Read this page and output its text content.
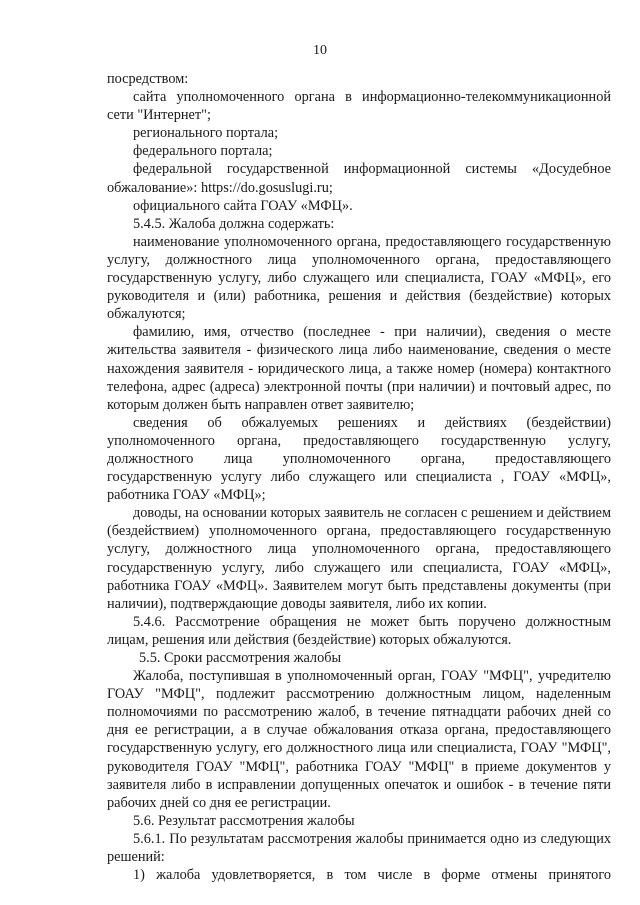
10

посредством:

сайта уполномоченного органа в информационно-телекоммуникационной сети "Интернет";

регионального портала;

федерального портала;

федеральной государственной информационной системы «Досудебное обжалование»: https://do.gosuslugi.ru;

официального сайта ГОАУ «МФЦ».

5.4.5. Жалоба должна содержать:

наименование уполномоченного органа, предоставляющего государственную услугу, должностного лица уполномоченного органа, предоставляющего государственную услугу, либо служащего или специалиста, ГОАУ «МФЦ», его руководителя и (или) работника, решения и действия (бездействие) которых обжалуются;

фамилию, имя, отчество (последнее - при наличии), сведения о месте жительства заявителя - физического лица либо наименование, сведения о месте нахождения заявителя - юридического лица, а также номер (номера) контактного телефона, адрес (адреса) электронной почты (при наличии) и почтовый адрес, по которым должен быть направлен ответ заявителю;

сведения об обжалуемых решениях и действиях (бездействии) уполномоченного органа, предоставляющего государственную услугу, должностного лица уполномоченного органа, предоставляющего государственную услугу либо служащего или специалиста , ГОАУ «МФЦ», работника ГОАУ «МФЦ»;

доводы, на основании которых заявитель не согласен с решением и действием (бездействием) уполномоченного органа, предоставляющего государственную услугу, должностного лица уполномоченного органа, предоставляющего государственную услугу, либо служащего или специалиста, ГОАУ «МФЦ», работника ГОАУ «МФЦ». Заявителем могут быть представлены документы (при наличии), подтверждающие доводы заявителя, либо их копии.

5.4.6. Рассмотрение обращения не может быть поручено должностным лицам, решения или действия (бездействие) которых обжалуются.

5.5. Сроки рассмотрения жалобы

Жалоба, поступившая в уполномоченный орган, ГОАУ "МФЦ", учредителю ГОАУ "МФЦ", подлежит рассмотрению должностным лицом, наделенным полномочиями по рассмотрению жалоб, в течение пятнадцати рабочих дней со дня ее регистрации, а в случае обжалования отказа органа, предоставляющего государственную услугу, его должностного лица или специалиста, ГОАУ "МФЦ", руководителя ГОАУ "МФЦ", работника ГОАУ "МФЦ" в приеме документов у заявителя либо в исправлении допущенных опечаток и ошибок - в течение пяти рабочих дней со дня ее регистрации.

5.6. Результат рассмотрения жалобы

5.6.1. По результатам рассмотрения жалобы принимается одно из следующих решений:

1) жалоба удовлетворяется, в том числе в форме отмены принятого
